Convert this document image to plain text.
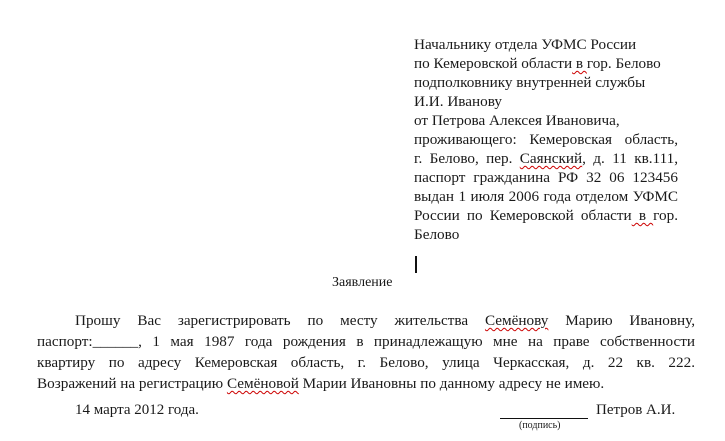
Начальнику отдела УФМС России
по Кемеровской области в гор. Белово
подполковнику внутренней службы
И.И. Иванову
от Петрова Алексея Ивановича,
проживающего: Кемеровская область,
г. Белово, пер. Саянский, д. 11 кв.111,
паспорт гражданина РФ 32 06 123456
выдан 1 июля 2006 года отделом УФМС
России по Кемеровской области в гор.
Белово
Заявление
Прошу Вас зарегистрировать по месту жительства Семёнову Марию Ивановну,
паспорт:______, 1 мая 1987 года рождения в принадлежащую мне на праве собственности
квартиру по адресу Кемеровская область, г. Белово, улица Черкасская, д. 22 кв. 222.
Возражений на регистрацию Семёновой Марии Ивановны по данному адресу не имею.
14 марта 2012 года.	Петров А.И.
(подпись)
